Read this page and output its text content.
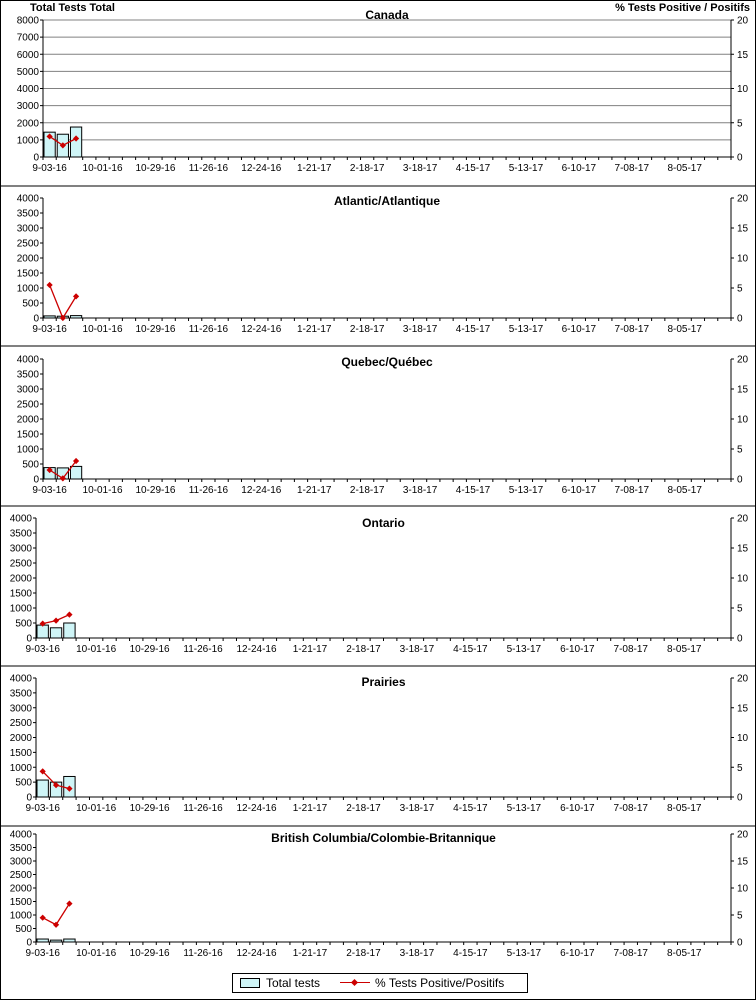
Canada
0
1000
2000
3000
4000
5000
6000
7000
8000
0
5
10
15
20
9-03-16 10-01-16 10-29-16 11-26-16 12-24-16 1-21-17 2-18-17 3-18-17 4-15-17 5-13-17 6-10-17 7-08-17 8-05-17
Atlantic/Atlantique
0
500
1000
1500
2000
2500
3000
3500
4000
0
5
10
15
20
9-03-16 10-01-16 10-29-16 11-26-16 12-24-16 1-21-17 2-18-17 3-18-17 4-15-17 5-13-17 6-10-17 7-08-17 8-05-17
Quebec/Québec
0
500
1000
1500
2000
2500
3000
3500
4000
0
5
10
15
20
9-03-16 10-01-16 10-29-16 11-26-16 12-24-16 1-21-17 2-18-17 3-18-17 4-15-17 5-13-17 6-10-17 7-08-17 8-05-17
Ontario
0
500
1000
1500
2000
2500
3000
3500
4000
0
5
10
15
20
9-03-16 10-01-16 10-29-16 11-26-16 12-24-16 1-21-17 2-18-17 3-18-17 4-15-17 5-13-17 6-10-17 7-08-17 8-05-17
Prairies
0
500
1000
1500
2000
2500
3000
3500
4000
0
5
10
15
20
9-03-16 10-01-16 10-29-16 11-26-16 12-24-16 1-21-17 2-18-17 3-18-17 4-15-17 5-13-17 6-10-17 7-08-17 8-05-17
British Columbia/Colombie-Britannique
0
500
1000
1500
2000
2500
3000
3500
4000
0
5
10
15
20
9-03-16 10-01-16 10-29-16 11-26-16 12-24-16 1-21-17 2-18-17 3-18-17 4-15-17 5-13-17 6-10-17 7-08-17 8-05-17
Total Tests Total	% Tests Positive / Positifs
Total tests	% Tests Positive/Positifs
